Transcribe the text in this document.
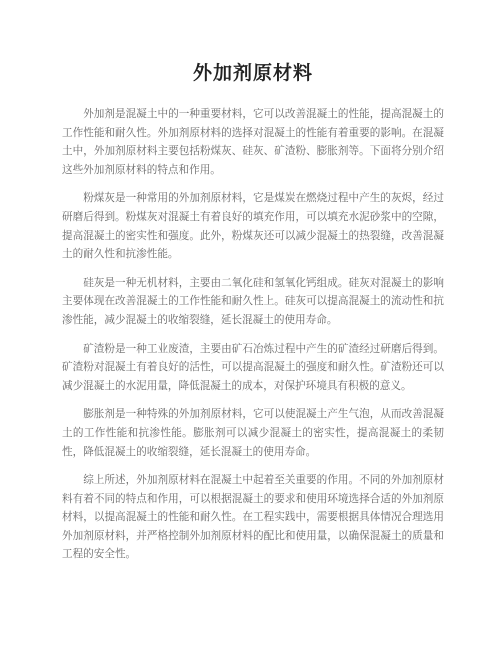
外加剂原材料

外加剂是混凝土中的一种重要材料，它可以改善混凝土的性能，提高混凝土的工作性能和耐久性。外加剂原材料的选择对混凝土的性能有着重要的影响。在混凝土中，外加剂原材料主要包括粉煤灰、硅灰、矿渣粉、膨胀剂等。下面将分别介绍这些外加剂原材料的特点和作用。

粉煤灰是一种常用的外加剂原材料，它是煤炭在燃烧过程中产生的灰烬，经过研磨后得到。粉煤灰对混凝土有着良好的填充作用，可以填充水泥砂浆中的空隙，提高混凝土的密实性和强度。此外，粉煤灰还可以减少混凝土的热裂缝，改善混凝土的耐久性和抗渗性能。

硅灰是一种无机材料，主要由二氧化硅和氢氧化钙组成。硅灰对混凝土的影响主要体现在改善混凝土的工作性能和耐久性上。硅灰可以提高混凝土的流动性和抗渗性能，减少混凝土的收缩裂缝，延长混凝土的使用寿命。

矿渣粉是一种工业废渣，主要由矿石冶炼过程中产生的矿渣经过研磨后得到。矿渣粉对混凝土有着良好的活性，可以提高混凝土的强度和耐久性。矿渣粉还可以减少混凝土的水泥用量，降低混凝土的成本，对保护环境具有积极的意义。

膨胀剂是一种特殊的外加剂原材料，它可以使混凝土产生气泡，从而改善混凝土的工作性能和抗渗性能。膨胀剂可以减少混凝土的密实性，提高混凝土的柔韧性，降低混凝土的收缩裂缝，延长混凝土的使用寿命。

综上所述，外加剂原材料在混凝土中起着至关重要的作用。不同的外加剂原材料有着不同的特点和作用，可以根据混凝土的要求和使用环境选择合适的外加剂原材料，以提高混凝土的性能和耐久性。在工程实践中，需要根据具体情况合理选用外加剂原材料，并严格控制外加剂原材料的配比和使用量，以确保混凝土的质量和工程的安全性。
